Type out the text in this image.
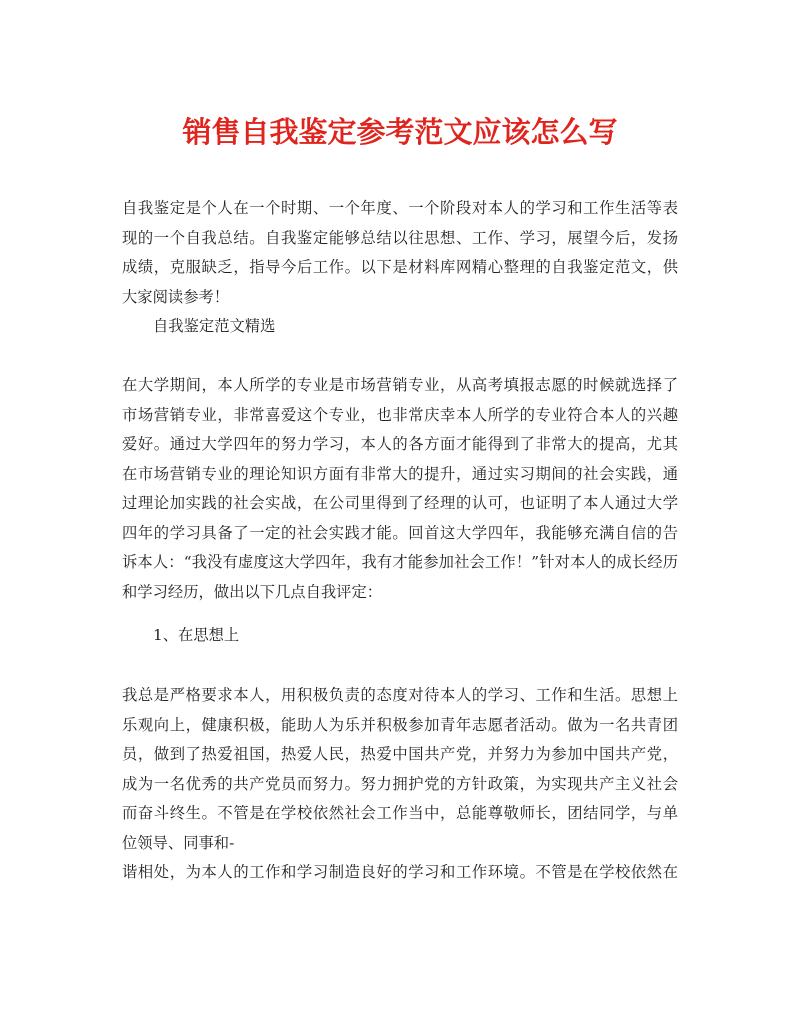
销售自我鉴定参考范文应该怎么写
自我鉴定是个人在一个时期、一个年度、一个阶段对本人的学习和工作生活等表
现的一个自我总结。自我鉴定能够总结以往思想、工作、学习，展望今后，发扬
成绩，克服缺乏，指导今后工作。以下是材料库网精心整理的自我鉴定范文，供
大家阅读参考！
自我鉴定范文精选
在大学期间，本人所学的专业是市场营销专业，从高考填报志愿的时候就选择了
市场营销专业，非常喜爱这个专业，也非常庆幸本人所学的专业符合本人的兴趣
爱好。通过大学四年的努力学习，本人的各方面才能得到了非常大的提高，尤其
在市场营销专业的理论知识方面有非常大的提升，通过实习期间的社会实践，通
过理论加实践的社会实战，在公司里得到了经理的认可，也证明了本人通过大学
四年的学习具备了一定的社会实践才能。回首这大学四年，我能够充满自信的告
诉本人：“我没有虚度这大学四年，我有才能参加社会工作！”针对本人的成长经历
和学习经历，做出以下几点自我评定：
1、在思想上
我总是严格要求本人，用积极负责的态度对待本人的学习、工作和生活。思想上
乐观向上，健康积极，能助人为乐并积极参加青年志愿者活动。做为一名共青团
员，做到了热爱祖国，热爱人民，热爱中国共产党，并努力为参加中国共产党，
成为一名优秀的共产党员而努力。努力拥护党的方针政策，为实现共产主义社会
而奋斗终生。不管是在学校依然社会工作当中，总能尊敬师长，团结同学，与单
位领导、同事和-
谐相处，为本人的工作和学习制造良好的学习和工作环境。不管是在学校依然在
